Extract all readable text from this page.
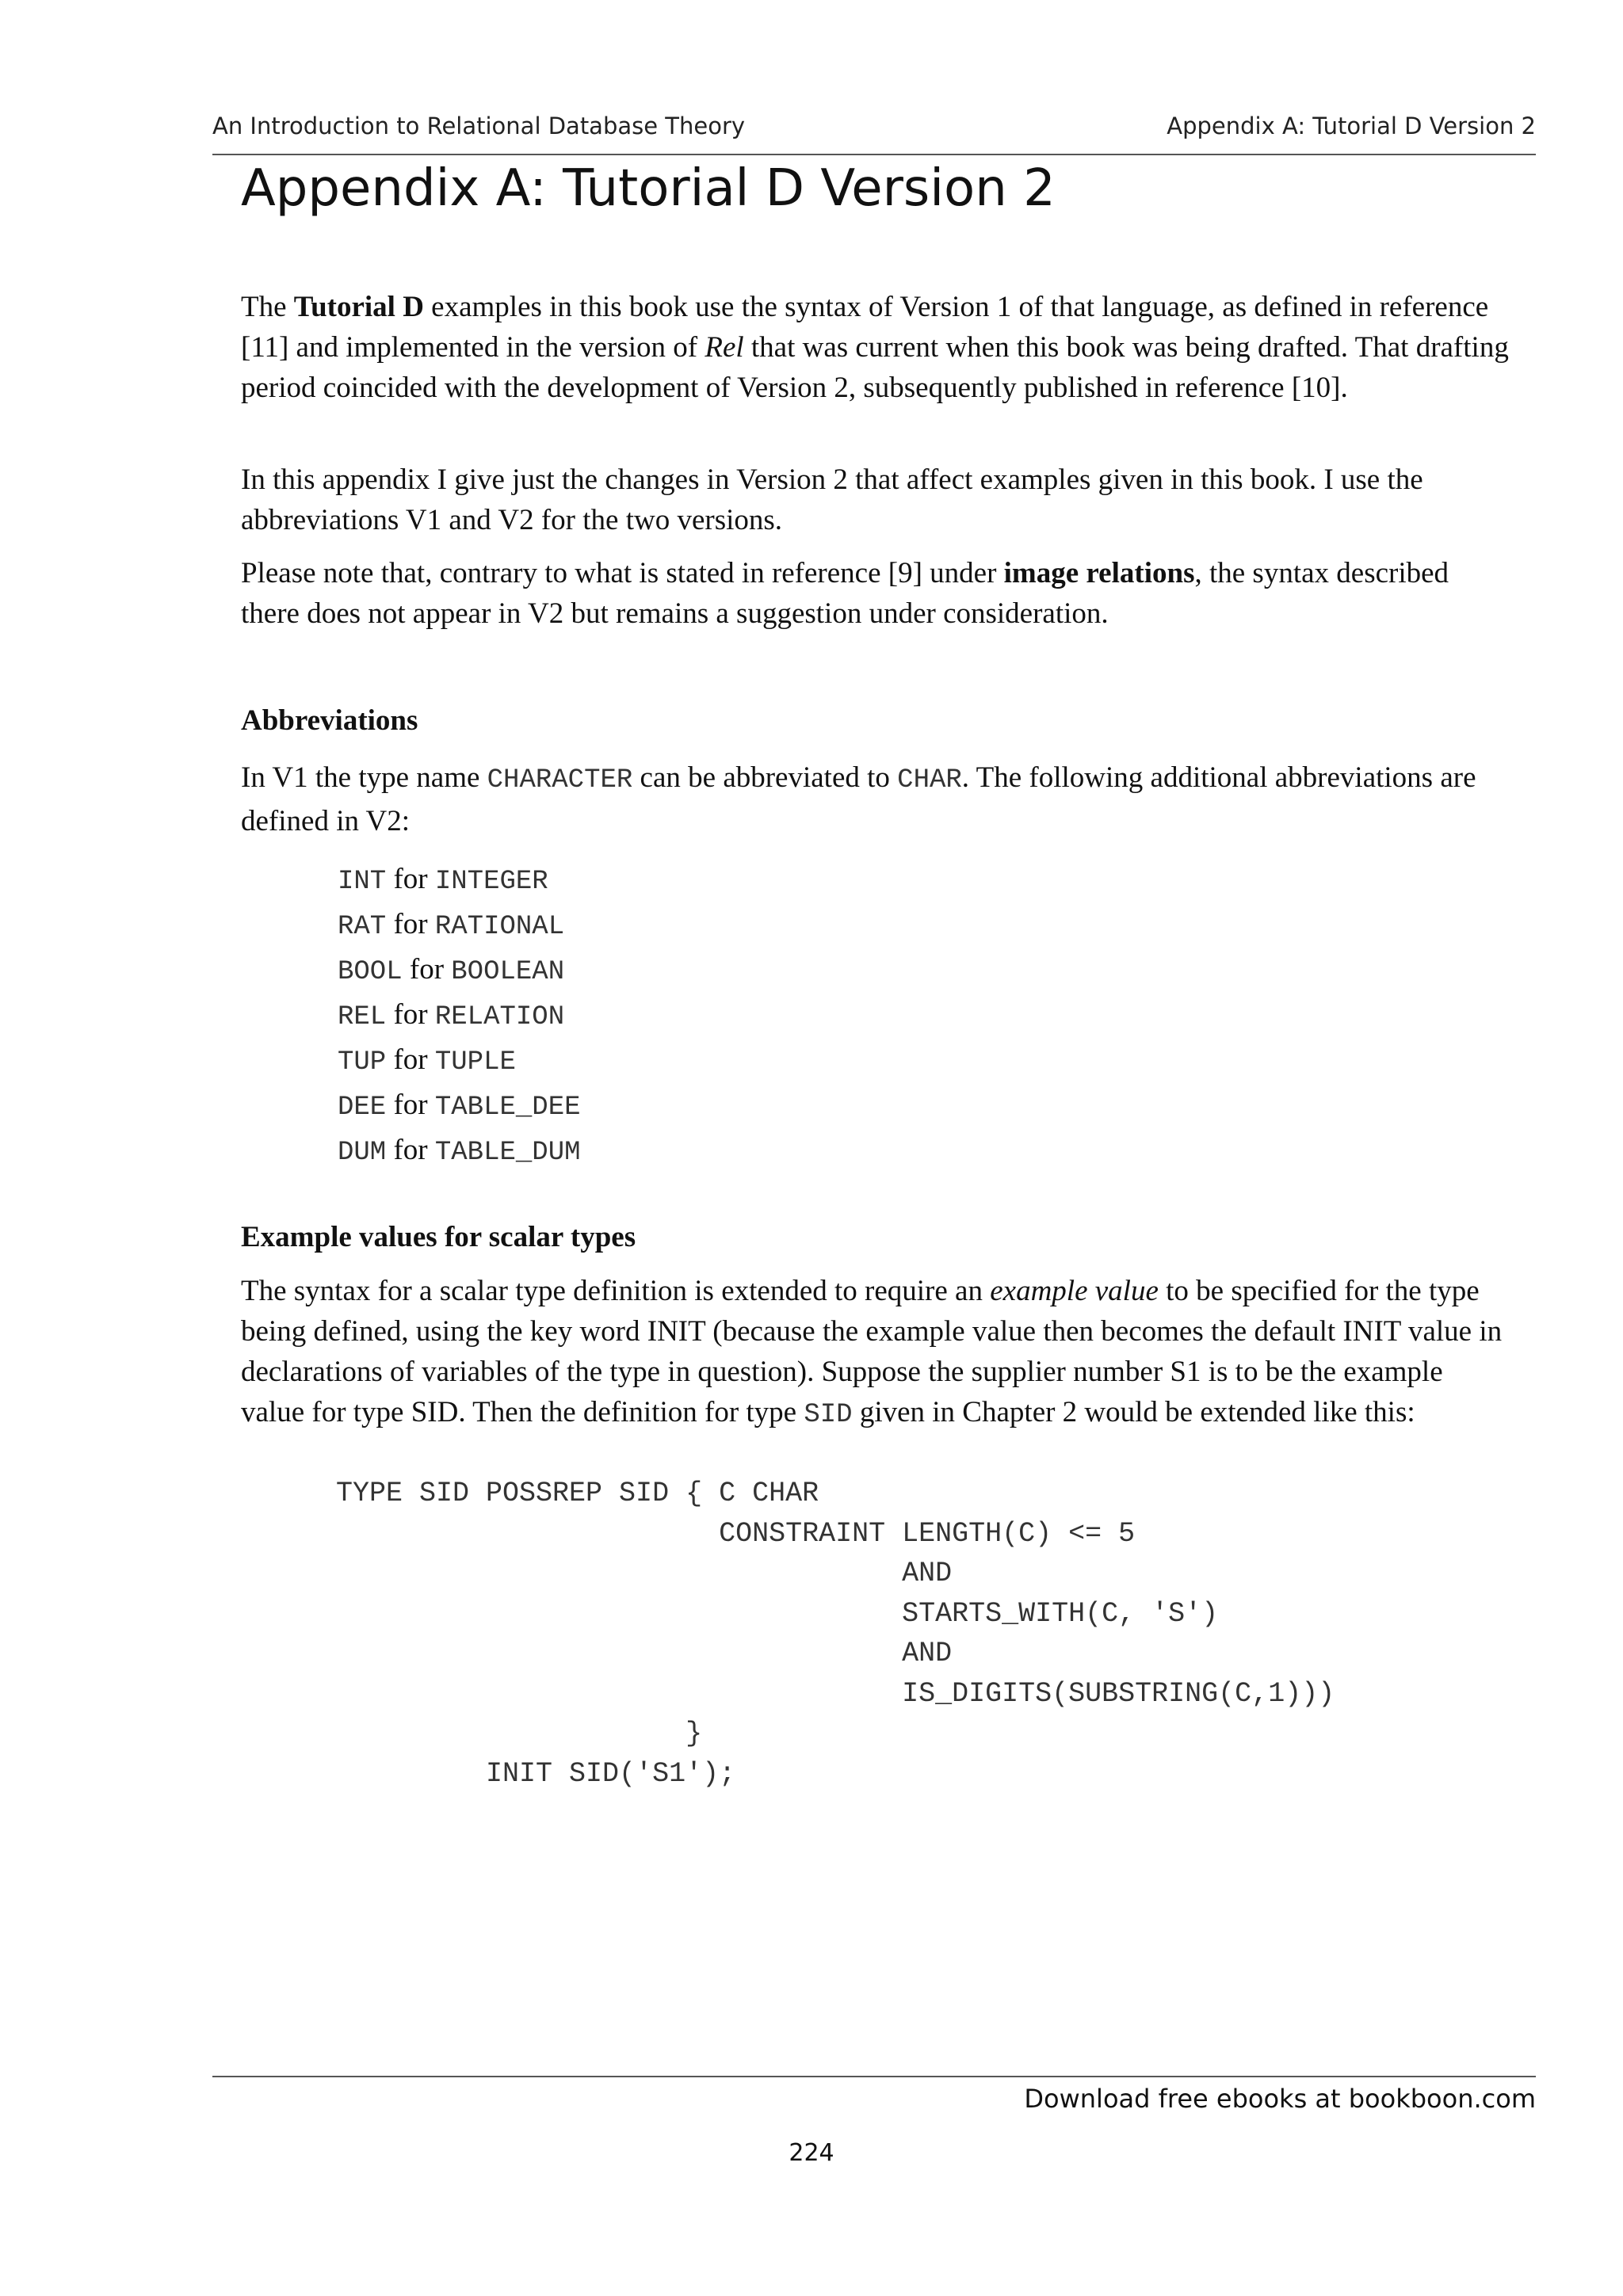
An Introduction to Relational Database Theory	Appendix A: Tutorial D Version 2
Appendix A: Tutorial D Version 2

The Tutorial D examples in this book use the syntax of Version 1 of that language, as defined in reference [11] and implemented in the version of Rel that was current when this book was being drafted. That drafting period coincided with the development of Version 2, subsequently published in reference [10].

In this appendix I give just the changes in Version 2 that affect examples given in this book. I use the abbreviations V1 and V2 for the two versions.

Please note that, contrary to what is stated in reference [9] under image relations, the syntax described there does not appear in V2 but remains a suggestion under consideration.

Abbreviations

In V1 the type name CHARACTER can be abbreviated to CHAR. The following additional abbreviations are defined in V2:

INT for INTEGER
RAT for RATIONAL
BOOL for BOOLEAN
REL for RELATION
TUP for TUPLE
DEE for TABLE_DEE
DUM for TABLE_DUM
Example values for scalar types

The syntax for a scalar type definition is extended to require an example value to be specified for the type being defined, using the key word INIT (because the example value then becomes the default INIT value in declarations of variables of the type in question). Suppose the supplier number S1 is to be the example value for type SID. Then the definition for type SID given in Chapter 2 would be extended like this:

TYPE SID POSSREP SID { C CHAR
CONSTRAINT LENGTH(C) <= 5
AND
STARTS_WITH(C, 'S')
AND
IS_DIGITS(SUBSTRING(C,1)))
}
INIT SID('S1');
Download free ebooks at bookboon.com
224
